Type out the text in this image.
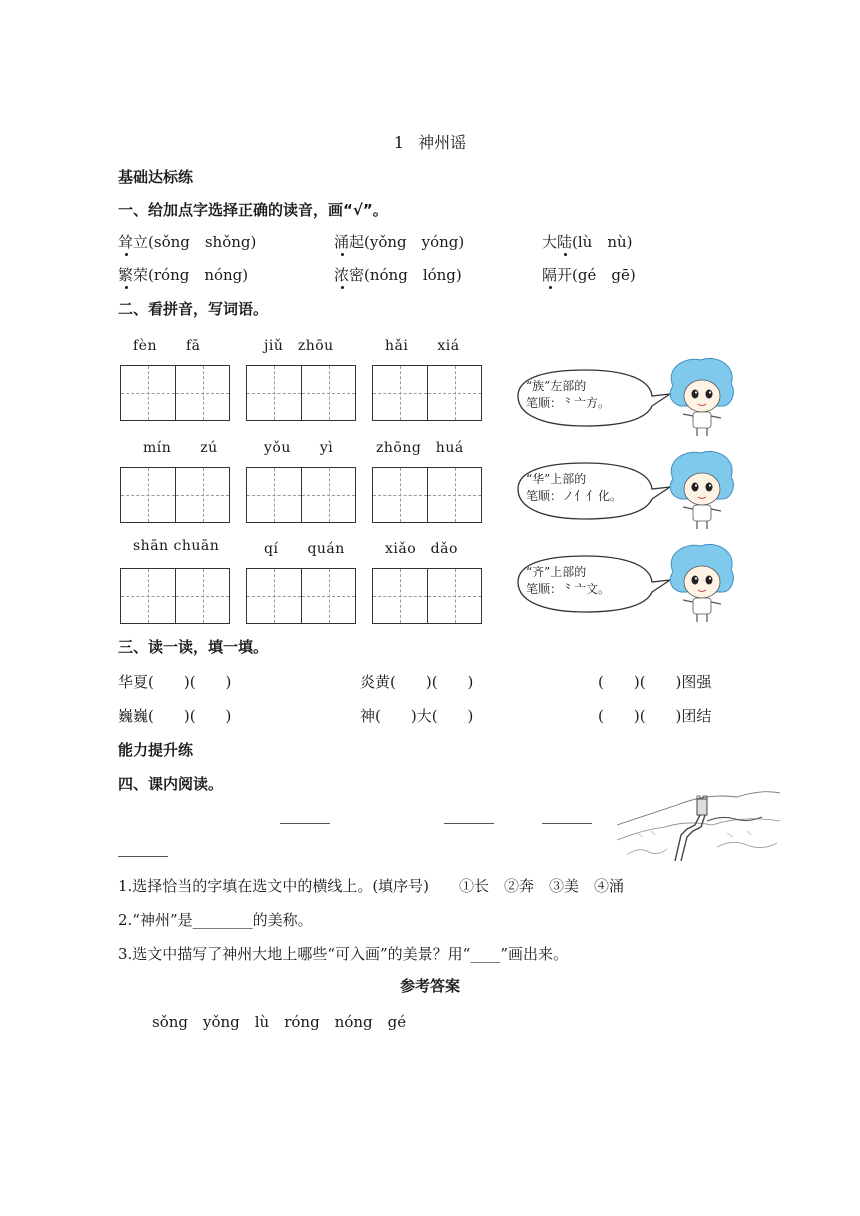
1 神州谣
基础达标练
一、给加点字选择正确的读音，画“√”。
耸立(sǒng　shǒng)	涌起(yǒng　yóng)	大陆(lù　nù)
繁荣(róng　nóng)	浓密(nóng　lóng)	隔开(gé　gē)
二、看拼音，写词语。
fèn　　fā	jiǔ　zhōu	hǎi　　xiá
mín　　zú	yǒu　　yì	zhōng　huá
shān chuān	qí　　quán	xiǎo　dǎo
“族”左部的
笔顺：⺀亠方。
“华”上部的
笔顺：ノ亻亻化。
“齐”上部的
笔顺：⺀亠文。
三、读一读，填一填。
华夏(　　)(　　)	炎黄(　　)(　　)	(　　)(　　)图强
巍巍(　　)(　　)	神(　　)大(　　)	(　　)(　　)团结
能力提升练
四、课内阅读。
1.选择恰当的字填在选文中的横线上。(填序号)　　①长　②奔　③美　④涌
2.“神州”是________的美称。
3.选文中描写了神州大地上哪些“可入画”的美景？用“____”画出来。
参考答案
sǒng　yǒng　lù　róng　nóng　gé
